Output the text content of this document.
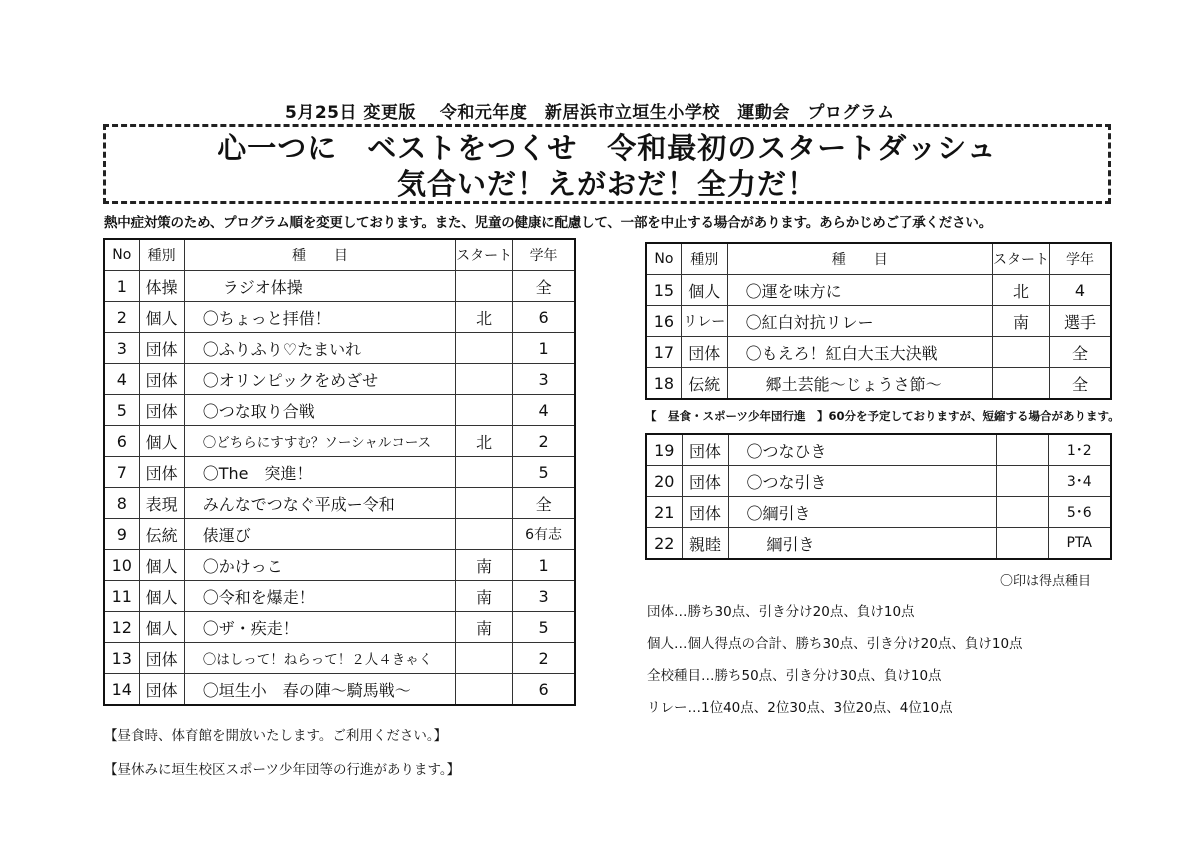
5月25日 変更版　 令和元年度　新居浜市立垣生小学校　運動会　プログラム
心一つに　ベストをつくせ　令和最初のスタートダッシュ
気合いだ！えがおだ！全力だ！
熱中症対策のため、プログラム順を変更しております。また、児童の健康に配慮して、一部を中止する場合があります。あらかじめご了承ください。
No	種別	種　　目	スタート	学年
1	体操	ラジオ体操		全
2	個人	〇ちょっと拝借！	北	6
3	団体	〇ふりふり♡たまいれ		1
4	団体	〇オリンピックをめざせ		3
5	団体	〇つな取り合戦		4
6	個人	〇どちらにすすむ？ソーシャルコース	北	2
7	団体	〇The　突進！		5
8	表現	みんなでつなぐ平成ー令和		全
9	伝統	俵運び		6有志
10	個人	〇かけっこ	南	1
11	個人	〇令和を爆走！	南	3
12	個人	〇ザ・疾走！	南	5
13	団体	〇はしって！ねらって！２人４きゃく		2
14	団体	〇垣生小　春の陣～騎馬戦～		6
No	種別	種　　目	スタート	学年
15	個人	〇運を味方に	北	4
16	リレー	〇紅白対抗リレー	南	選手
17	団体	〇もえろ！紅白大玉大決戦		全
18	伝統	郷土芸能～じょうさ節～		全
【　昼食・スポーツ少年団行進　】60分を予定しておりますが、短縮する場合があります。
19	団体	〇つなひき		1･2
20	団体	〇つな引き		3･4
21	団体	〇綱引き		5･6
22	親睦	綱引き		PTA
〇印は得点種目
団体…勝ち30点、引き分け20点、負け10点
個人…個人得点の合計、勝ち30点、引き分け20点、負け10点
全校種目…勝ち50点、引き分け30点、負け10点
リレー…1位40点、2位30点、3位20点、4位10点
【昼食時、体育館を開放いたします。ご利用ください。】
【昼休みに垣生校区スポーツ少年団等の行進があります。】
